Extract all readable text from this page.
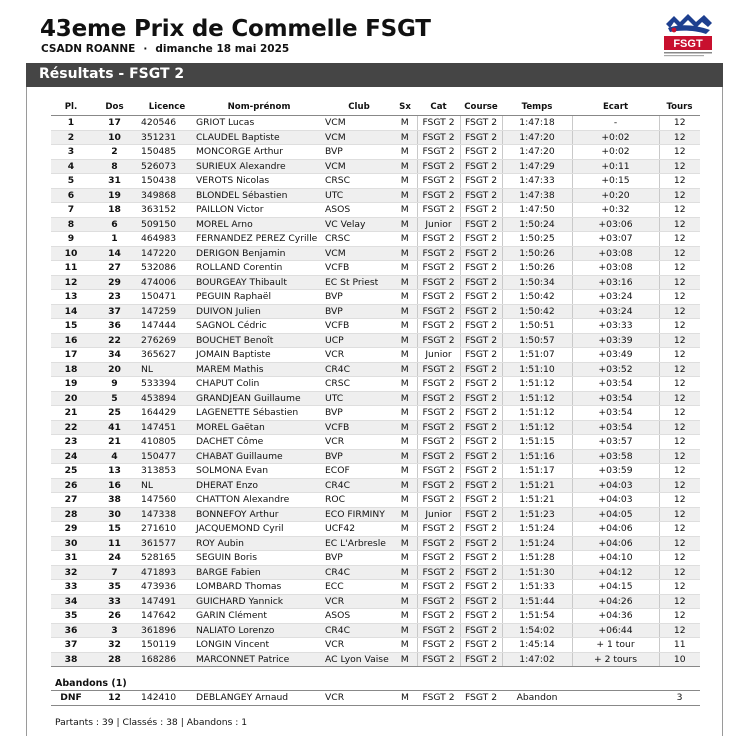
43eme Prix de Commelle FSGT
CSADN ROANNE · dimanche 18 mai 2025	FSGT
Résultats - FSGT 2
Pl.	Dos	Licence	Nom-prénom	Club	Sx	Cat	Course	Temps	Ecart	Tours
1	17	420546	GRIOT Lucas	VCM	M	FSGT 2	FSGT 2	1:47:18	-	12
2	10	351231	CLAUDEL Baptiste	VCM	M	FSGT 2	FSGT 2	1:47:20	+0:02	12
3	2	150485	MONCORGE Arthur	BVP	M	FSGT 2	FSGT 2	1:47:20	+0:02	12
4	8	526073	SURIEUX Alexandre	VCM	M	FSGT 2	FSGT 2	1:47:29	+0:11	12
5	31	150438	VEROTS Nicolas	CRSC	M	FSGT 2	FSGT 2	1:47:33	+0:15	12
6	19	349868	BLONDEL Sébastien	UTC	M	FSGT 2	FSGT 2	1:47:38	+0:20	12
7	18	363152	PAILLON Victor	ASOS	M	FSGT 2	FSGT 2	1:47:50	+0:32	12
8	6	509150	MOREL Arno	VC Velay	M	Junior	FSGT 2	1:50:24	+03:06	12
9	1	464983	FERNANDEZ PEREZ Cyrille	CRSC	M	FSGT 2	FSGT 2	1:50:25	+03:07	12
10	14	147220	DERIGON Benjamin	VCM	M	FSGT 2	FSGT 2	1:50:26	+03:08	12
11	27	532086	ROLLAND Corentin	VCFB	M	FSGT 2	FSGT 2	1:50:26	+03:08	12
12	29	474006	BOURGEAY Thibault	EC St Priest	M	FSGT 2	FSGT 2	1:50:34	+03:16	12
13	23	150471	PEGUIN Raphaël	BVP	M	FSGT 2	FSGT 2	1:50:42	+03:24	12
14	37	147259	DUIVON Julien	BVP	M	FSGT 2	FSGT 2	1:50:42	+03:24	12
15	36	147444	SAGNOL Cédric	VCFB	M	FSGT 2	FSGT 2	1:50:51	+03:33	12
16	22	276269	BOUCHET Benoît	UCP	M	FSGT 2	FSGT 2	1:50:57	+03:39	12
17	34	365627	JOMAIN Baptiste	VCR	M	Junior	FSGT 2	1:51:07	+03:49	12
18	20	NL	MAREM Mathis	CR4C	M	FSGT 2	FSGT 2	1:51:10	+03:52	12
19	9	533394	CHAPUT Colin	CRSC	M	FSGT 2	FSGT 2	1:51:12	+03:54	12
20	5	453894	GRANDJEAN Guillaume	UTC	M	FSGT 2	FSGT 2	1:51:12	+03:54	12
21	25	164429	LAGENETTE Sébastien	BVP	M	FSGT 2	FSGT 2	1:51:12	+03:54	12
22	41	147451	MOREL Gaëtan	VCFB	M	FSGT 2	FSGT 2	1:51:12	+03:54	12
23	21	410805	DACHET Côme	VCR	M	FSGT 2	FSGT 2	1:51:15	+03:57	12
24	4	150477	CHABAT Guillaume	BVP	M	FSGT 2	FSGT 2	1:51:16	+03:58	12
25	13	313853	SOLMONA Evan	ECOF	M	FSGT 2	FSGT 2	1:51:17	+03:59	12
26	16	NL	DHERAT Enzo	CR4C	M	FSGT 2	FSGT 2	1:51:21	+04:03	12
27	38	147560	CHATTON Alexandre	ROC	M	FSGT 2	FSGT 2	1:51:21	+04:03	12
28	30	147338	BONNEFOY Arthur	ECO FIRMINY	M	Junior	FSGT 2	1:51:23	+04:05	12
29	15	271610	JACQUEMOND Cyril	UCF42	M	FSGT 2	FSGT 2	1:51:24	+04:06	12
30	11	361577	ROY Aubin	EC L'Arbresle	M	FSGT 2	FSGT 2	1:51:24	+04:06	12
31	24	528165	SEGUIN Boris	BVP	M	FSGT 2	FSGT 2	1:51:28	+04:10	12
32	7	471893	BARGE Fabien	CR4C	M	FSGT 2	FSGT 2	1:51:30	+04:12	12
33	35	473936	LOMBARD Thomas	ECC	M	FSGT 2	FSGT 2	1:51:33	+04:15	12
34	33	147491	GUICHARD Yannick	VCR	M	FSGT 2	FSGT 2	1:51:44	+04:26	12
35	26	147642	GARIN Clément	ASOS	M	FSGT 2	FSGT 2	1:51:54	+04:36	12
36	3	361896	NALIATO Lorenzo	CR4C	M	FSGT 2	FSGT 2	1:54:02	+06:44	12
37	32	150119	LONGIN Vincent	VCR	M	FSGT 2	FSGT 2	1:45:14	+ 1 tour	11
38	28	168286	MARCONNET Patrice	AC Lyon Vaise	M	FSGT 2	FSGT 2	1:47:02	+ 2 tours	10
Abandons (1)
DNF	12	142410	DEBLANGEY Arnaud	VCR	M	FSGT 2	FSGT 2	Abandon		3
Partants : 39 | Classés : 38 | Abandons : 1
